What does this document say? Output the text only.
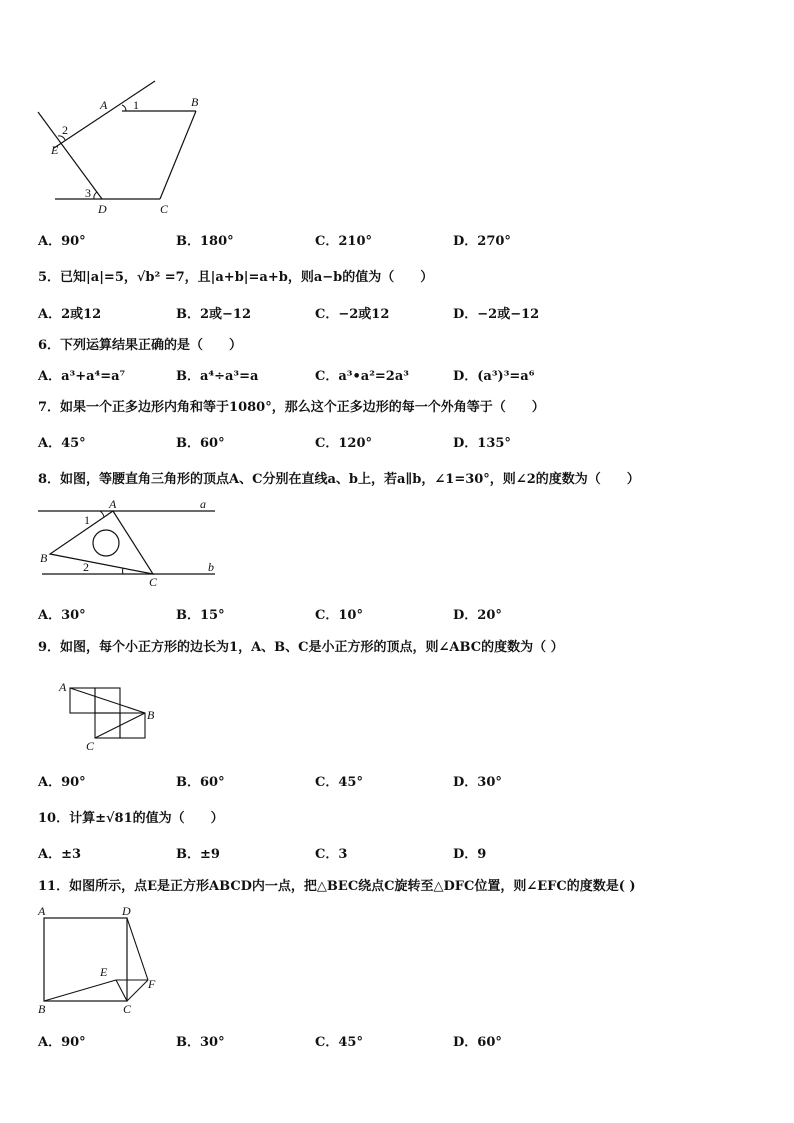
A 1	B
2
E
3
D	C
A．90°	B．180°	C．210°	D．270°
5．已知|a|=5，√b² =7，且|a+b|=a+b，则a−b的值为（　　）
A．2或12	B．2或−12	C．−2或12	D．−2或−12
6．下列运算结果正确的是（　　）
A．a³+a⁴=a⁷	B．a⁴÷a³=a	C．a³•a²=2a³	D．(a³)³=a⁶
7．如果一个正多边形内角和等于1080°，那么这个正多边形的每一个外角等于（　　）
A．45°	B．60°	C．120°	D．135°
8．如图，等腰直角三角形的顶点A、C分别在直线a、b上，若a∥b，∠1=30°，则∠2的度数为（　　）
A	a
1
B
2
C
b
A．30°	B．15°	C．10°	D．20°
9．如图，每个小正方形的边长为1，A、B、C是小正方形的顶点，则∠ABC的度数为（ ）
A
B
C
A．90°	B．60°	C．45°	D．30°
10．计算±√81的值为（　　）
A．±3	B．±9	C．3	D．9
11．如图所示，点E是正方形ABCD内一点，把△BEC绕点C旋转至△DFC位置，则∠EFC的度数是( )
A	D
E
F
B	C
A．90°	B．30°	C．45°	D．60°
